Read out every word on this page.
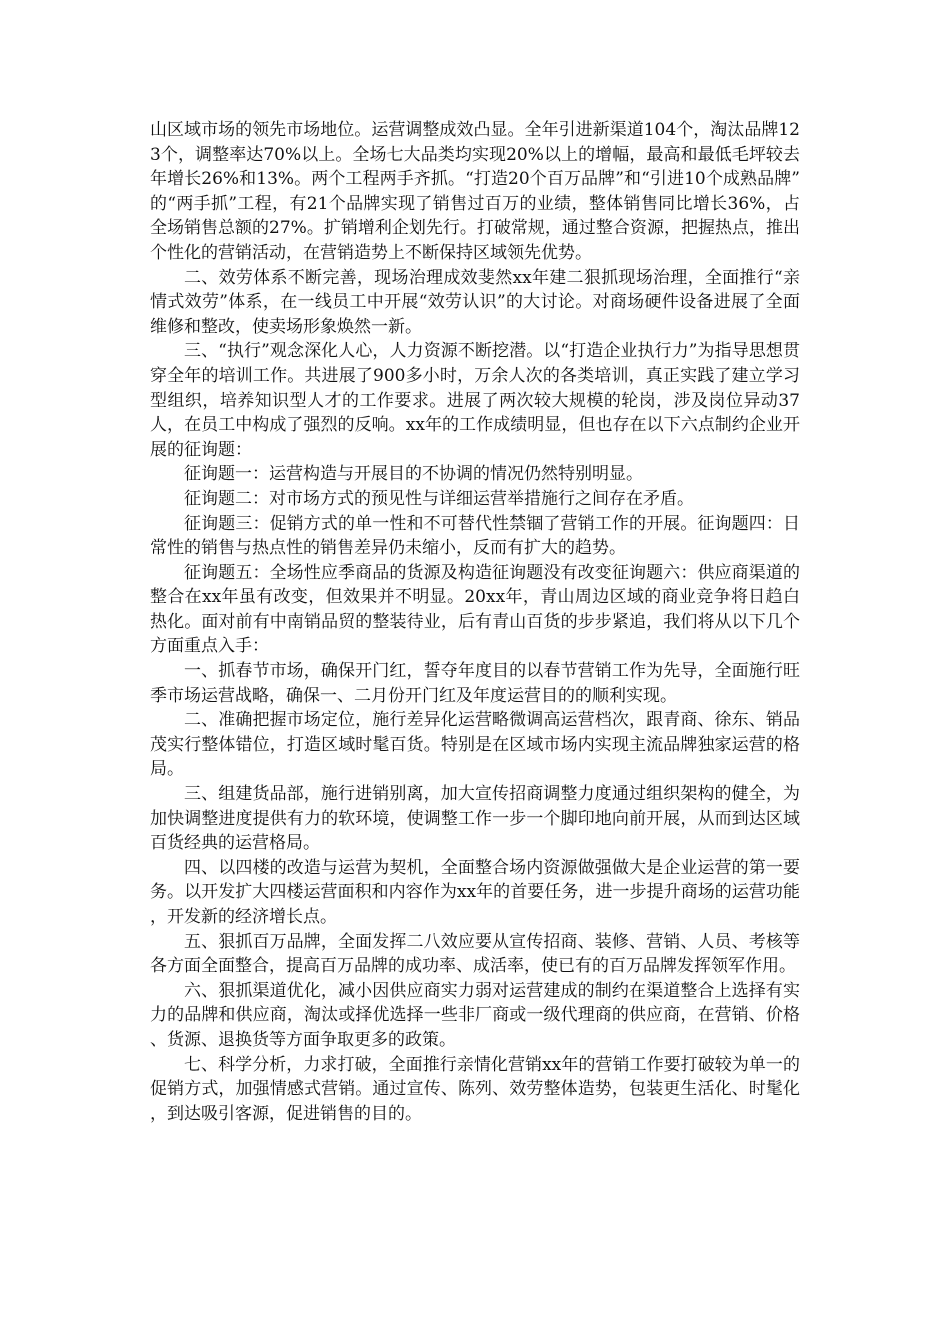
山区域市场的领先市场地位。运营调整成效凸显。全年引进新渠道104个，淘汰品牌123个，调整率达70%以上。全场七大品类均实现20%以上的增幅，最高和最低毛坪较去年增长26%和13%。两个工程两手齐抓。“打造20个百万品牌”和“引进10个成熟品牌”的“两手抓”工程，有21个品牌实现了销售过百万的业绩，整体销售同比增长36%，占全场销售总额的27%。扩销增利企划先行。打破常规，通过整合资源，把握热点，推出个性化的营销活动，在营销造势上不断保持区域领先优势。

二、效劳体系不断完善，现场治理成效斐然xx年建二狠抓现场治理，全面推行“亲情式效劳”体系，在一线员工中开展“效劳认识”的大讨论。对商场硬件设备进展了全面维修和整改，使卖场形象焕然一新。

三、“执行”观念深化人心，人力资源不断挖潜。以“打造企业执行力”为指导思想贯穿全年的培训工作。共进展了900多小时，万余人次的各类培训，真正实践了建立学习型组织，培养知识型人才的工作要求。进展了两次较大规模的轮岗，涉及岗位异动37人，在员工中构成了强烈的反响。xx年的工作成绩明显，但也存在以下六点制约企业开展的征询题：

征询题一：运营构造与开展目的不协调的情况仍然特别明显。

征询题二：对市场方式的预见性与详细运营举措施行之间存在矛盾。

征询题三：促销方式的单一性和不可替代性禁锢了营销工作的开展。征询题四：日常性的销售与热点性的销售差异仍未缩小，反而有扩大的趋势。

征询题五：全场性应季商品的货源及构造征询题没有改变征询题六：供应商渠道的整合在xx年虽有改变，但效果并不明显。20xx年，青山周边区域的商业竞争将日趋白热化。面对前有中南销品贸的整装待业，后有青山百货的步步紧追，我们将从以下几个方面重点入手：

一、抓春节市场，确保开门红，誓夺年度目的以春节营销工作为先导，全面施行旺季市场运营战略，确保一、二月份开门红及年度运营目的的顺利实现。

二、准确把握市场定位，施行差异化运营略微调高运营档次，跟青商、徐东、销品茂实行整体错位，打造区域时髦百货。特别是在区域市场内实现主流品牌独家运营的格局。

三、组建货品部，施行进销别离，加大宣传招商调整力度通过组织架构的健全，为加快调整进度提供有力的软环境，使调整工作一步一个脚印地向前开展，从而到达区域百货经典的运营格局。

四、以四楼的改造与运营为契机，全面整合场内资源做强做大是企业运营的第一要务。以开发扩大四楼运营面积和内容作为xx年的首要任务，进一步提升商场的运营功能，开发新的经济增长点。

五、狠抓百万品牌，全面发挥二八效应要从宣传招商、装修、营销、人员、考核等各方面全面整合，提高百万品牌的成功率、成活率，使已有的百万品牌发挥领军作用。

六、狠抓渠道优化，减小因供应商实力弱对运营建成的制约在渠道整合上选择有实力的品牌和供应商，淘汰或择优选择一些非厂商或一级代理商的供应商，在营销、价格、货源、退换货等方面争取更多的政策。

七、科学分析，力求打破，全面推行亲情化营销xx年的营销工作要打破较为单一的促销方式，加强情感式营销。通过宣传、陈列、效劳整体造势，包装更生活化、时髦化，到达吸引客源，促进销售的目的。
